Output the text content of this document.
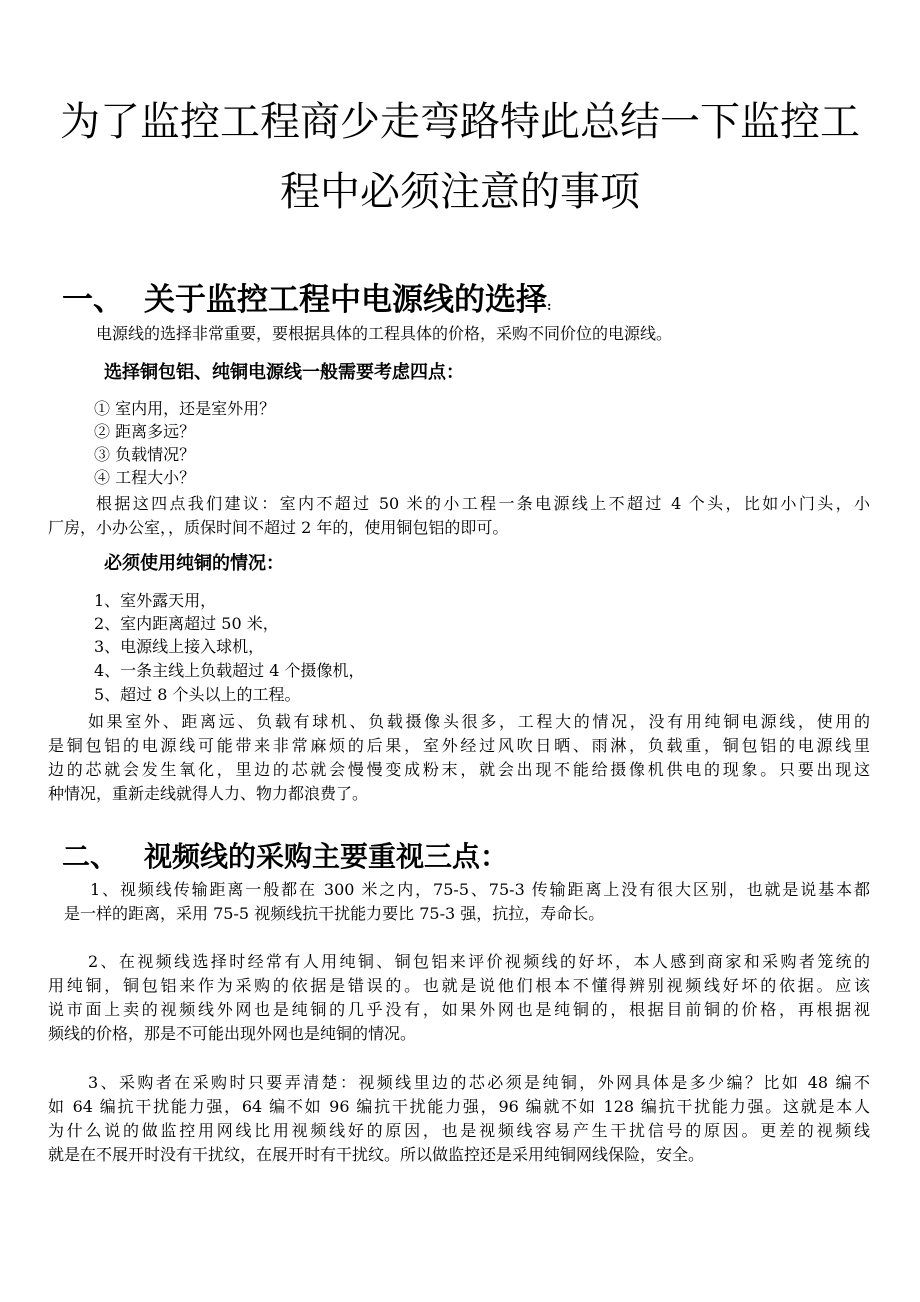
为了监控工程商少走弯路特此总结一下监控工
程中必须注意的事项
一、 关于监控工程中电源线的选择:

电源线的选择非常重要，要根据具体的工程具体的价格，采购不同价位的电源线。

选择铜包铝、纯铜电源线一般需要考虑四点：

① 室内用，还是室外用？

② 距离多远？

③ 负载情况？

④ 工程大小？

根据这四点我们建议：室内不超过 50 米的小工程一条电源线上不超过 4 个头，比如小门头，小

厂房，小办公室，，质保时间不超过 2 年的，使用铜包铝的即可。

必须使用纯铜的情况：

1、室外露天用，

2、室内距离超过 50 米，

3、电源线上接入球机，

4、一条主线上负载超过 4 个摄像机，

5、超过 8 个头以上的工程。

如果室外、距离远、负载有球机、负载摄像头很多，工程大的情况，没有用纯铜电源线，使用的
是铜包铝的电源线可能带来非常麻烦的后果，室外经过风吹日晒、雨淋，负载重，铜包铝的电源线里
边的芯就会发生氧化，里边的芯就会慢慢变成粉末，就会出现不能给摄像机供电的现象。只要出现这

种情况，重新走线就得人力、物力都浪费了。

二、 视频线的采购主要重视三点：
1、视频线传输距离一般都在 300 米之内，75-5、75-3 传输距离上没有很大区别，也就是说基本都

是一样的距离，采用 75-5 视频线抗干扰能力要比 75-3 强，抗拉，寿命长。

2、在视频线选择时经常有人用纯铜、铜包铝来评价视频线的好坏，本人感到商家和采购者笼统的
用纯铜，铜包铝来作为采购的依据是错误的。也就是说他们根本不懂得辨别视频线好坏的依据。应该
说市面上卖的视频线外网也是纯铜的几乎没有，如果外网也是纯铜的，根据目前铜的价格，再根据视

频线的价格，那是不可能出现外网也是纯铜的情况。

3、采购者在采购时只要弄清楚：视频线里边的芯必须是纯铜，外网具体是多少编？比如 48 编不
如 64 编抗干扰能力强，64 编不如 96 编抗干扰能力强，96 编就不如 128 编抗干扰能力强。这就是本人
为什么说的做监控用网线比用视频线好的原因，也是视频线容易产生干扰信号的原因。更差的视频线

就是在不展开时没有干扰纹，在展开时有干扰纹。所以做监控还是采用纯铜网线保险，安全。
